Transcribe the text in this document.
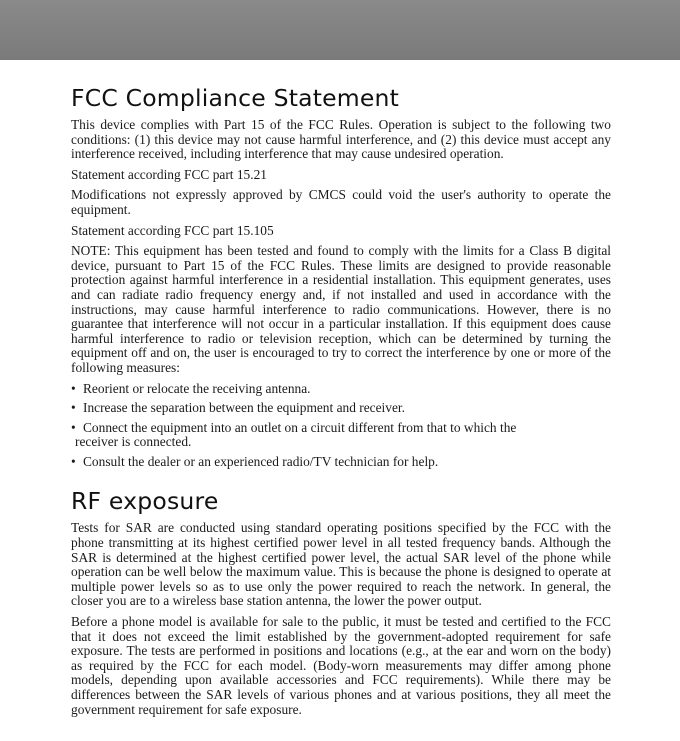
FCC Compliance Statement

This device complies with Part 15 of the FCC Rules. Operation is subject to the following two conditions: (1) this device may not cause harmful interference, and (2) this device must accept any interference received, including interference that may cause undesired operation.

Statement according FCC part 15.21

Modifications not expressly approved by CMCS could void the user's authority to operate the equipment.

Statement according FCC part 15.105

NOTE: This equipment has been tested and found to comply with the limits for a Class B digital device, pursuant to Part 15 of the FCC Rules. These limits are designed to provide reasonable protection against harmful interference in a residential installation. This equipment generates, uses and can radiate radio frequency energy and, if not installed and used in accordance with the instructions, may cause harmful interference to radio communications. However, there is no guarantee that interference will not occur in a particular installation. If this equipment does cause harmful interference to radio or television reception, which can be determined by turning the equipment off and on, the user is encouraged to try to correct the interference by one or more of the following measures:

• Reorient or relocate the receiving antenna.
• Increase the separation between the equipment and receiver.
• Connect the equipment into an outlet on a circuit different from that to which the
receiver is connected.
• Consult the dealer or an experienced radio/TV technician for help.
RF exposure

Tests for SAR are conducted using standard operating positions specified by the FCC with the phone transmitting at its highest certified power level in all tested frequency bands. Although the SAR is determined at the highest certified power level, the actual SAR level of the phone while operation can be well below the maximum value. This is because the phone is designed to operate at multiple power levels so as to use only the power required to reach the network. In general, the closer you are to a wireless base station antenna, the lower the power output.

Before a phone model is available for sale to the public, it must be tested and certified to the FCC that it does not exceed the limit established by the government-adopted requirement for safe exposure. The tests are performed in positions and locations (e.g., at the ear and worn on the body) as required by the FCC for each model. (Body-worn measurements may differ among phone models, depending upon available accessories and FCC requirements). While there may be differences between the SAR levels of various phones and at various positions, they all meet the government requirement for safe exposure.
